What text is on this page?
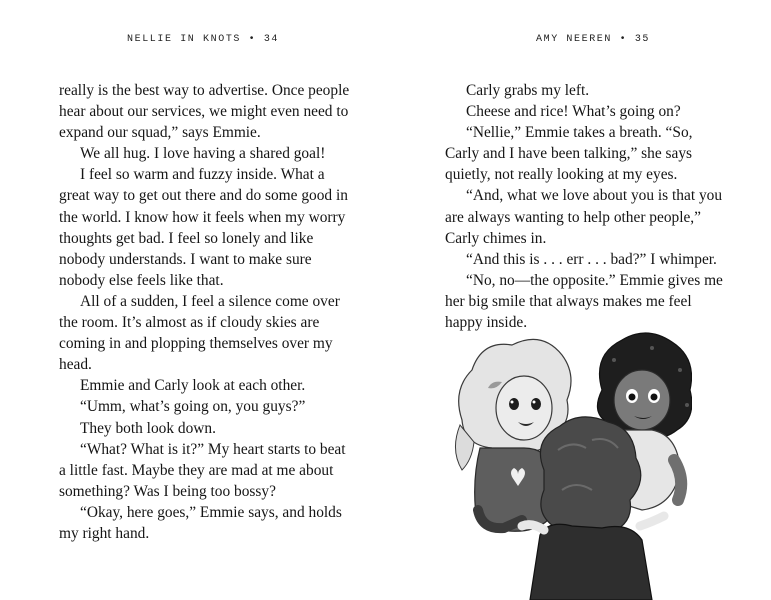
NELLIE IN KNOTS • 34	AMY NEEREN • 35

really is the best way to advertise. Once people hear about our services, we might even need to expand our squad,” says Emmie.

We all hug. I love having a shared goal!

I feel so warm and fuzzy inside. What a great way to get out there and do some good in the world. I know how it feels when my worry thoughts get bad. I feel so lonely and like nobody understands. I want to make sure nobody else feels like that.

All of a sudden, I feel a silence come over the room. It’s almost as if cloudy skies are coming in and plopping themselves over my head.

Emmie and Carly look at each other.

“Umm, what’s going on, you guys?”

They both look down.

“What? What is it?” My heart starts to beat a little fast. Maybe they are mad at me about something? Was I being too bossy?

“Okay, here goes,” Emmie says, and holds my right hand.

Carly grabs my left.

Cheese and rice! What’s going on?

“Nellie,” Emmie takes a breath. “So, Carly and I have been talking,” she says quietly, not really looking at my eyes.

“And, what we love about you is that you are always wanting to help other people,” Carly chimes in.

“And this is . . . err . . . bad?” I whimper.

“No, no—the opposite.” Emmie gives me her big smile that always makes me feel happy inside.
